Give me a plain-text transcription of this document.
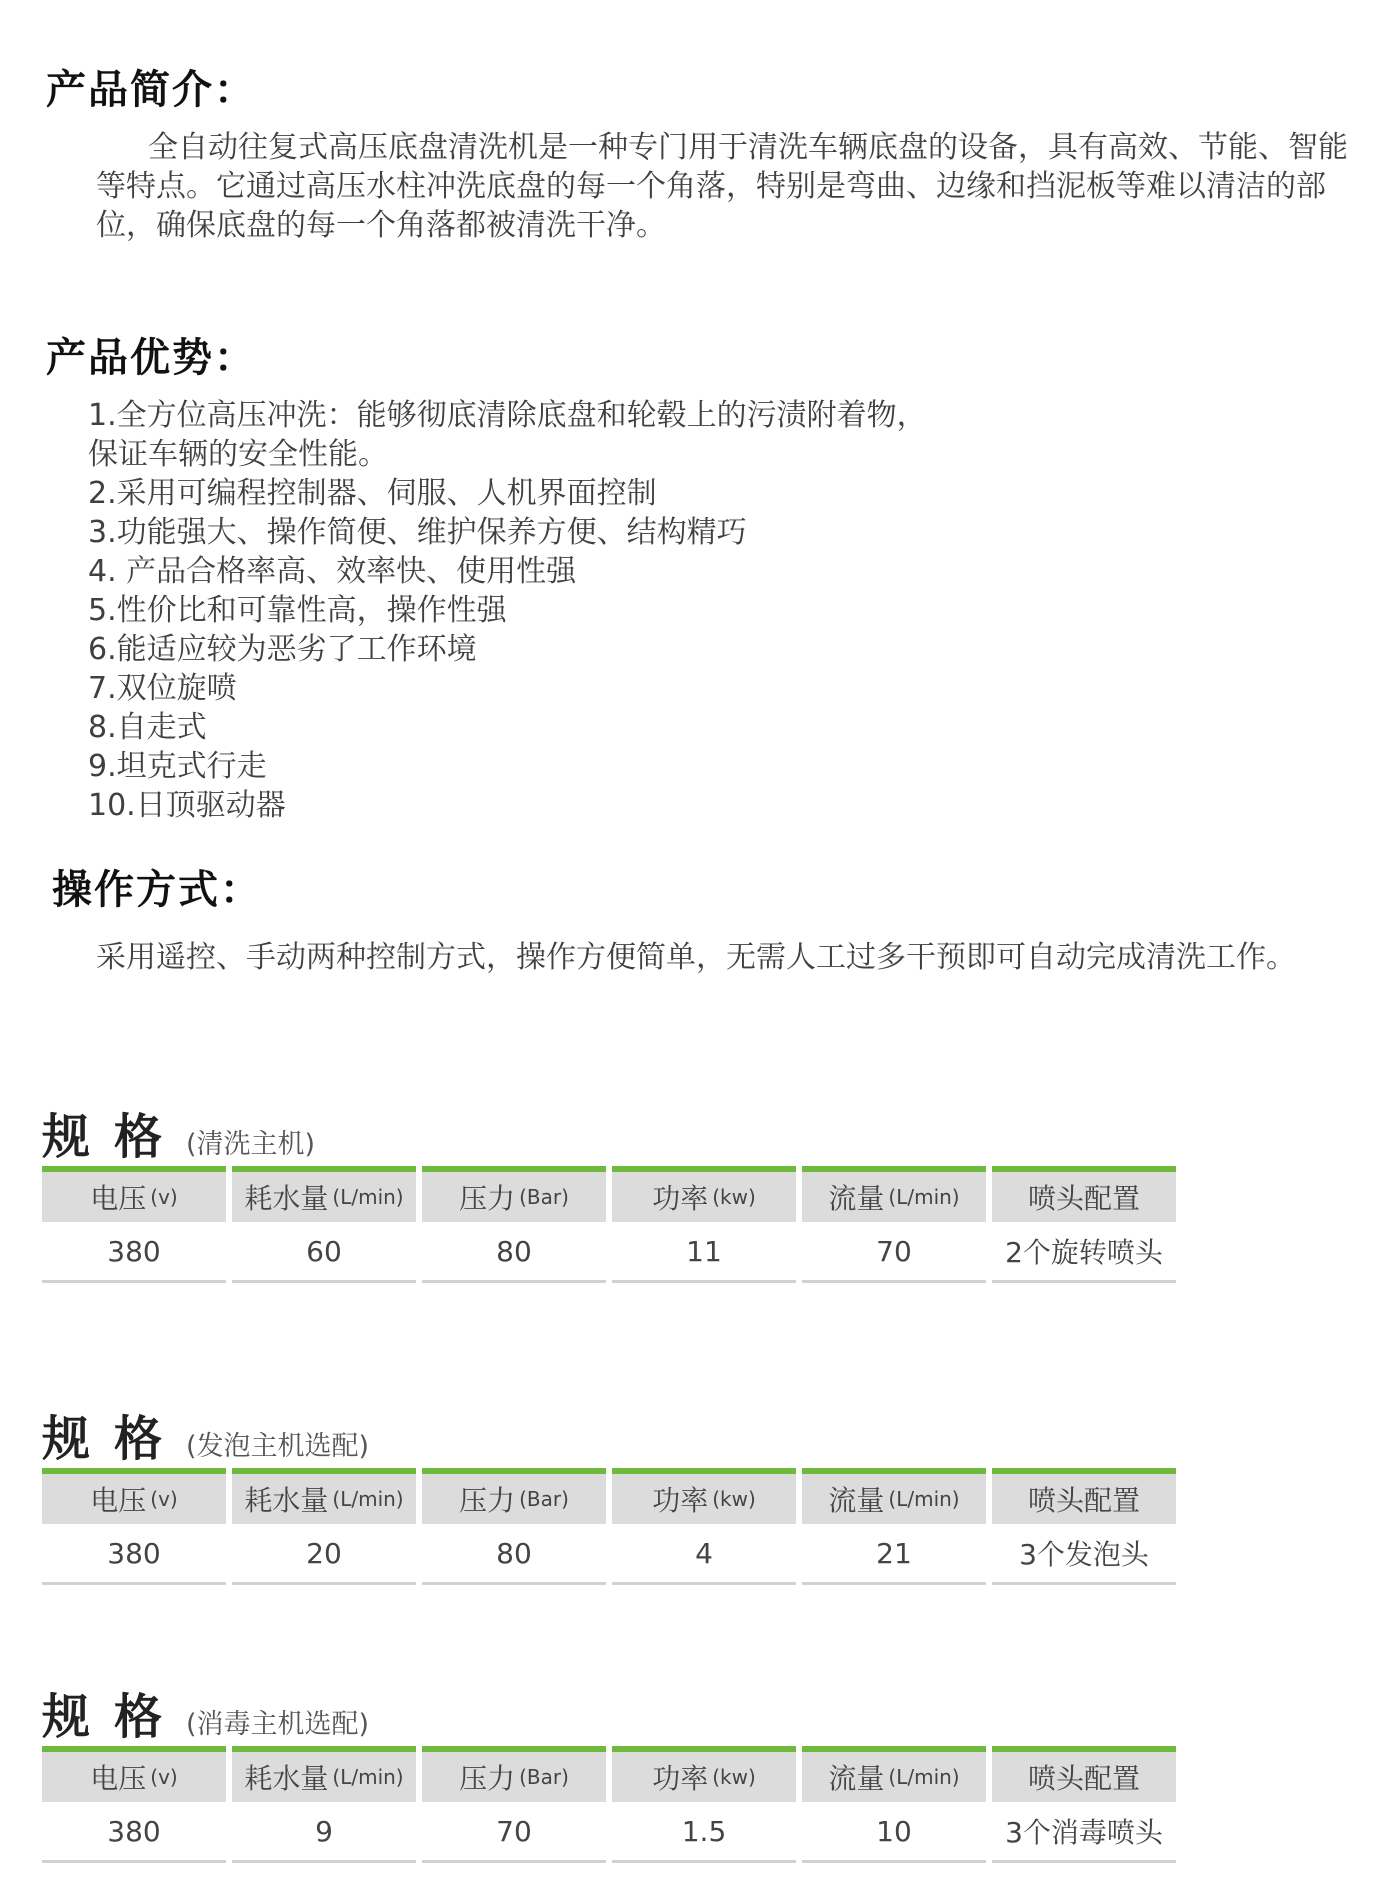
产品简介：

全自动往复式高压底盘清洗机是一种专门用于清洗车辆底盘的设备，具有高效、节能、智能等特点。它通过高压水柱冲洗底盘的每一个角落，特别是弯曲、边缘和挡泥板等难以清洁的部位，确保底盘的每一个角落都被清洗干净。

产品优势：
1.全方位高压冲洗：能够彻底清除底盘和轮毂上的污渍附着物，保证车辆的安全性能。
2.采用可编程控制器、伺服、人机界面控制
3.功能强大、操作简便、维护保养方便、结构精巧
4. 产品合格率高、效率快、使用性强
5.性价比和可靠性高，操作性强
6.能适应较为恶劣了工作环境
7.双位旋喷
8.自走式
9.坦克式行走
10.日顶驱动器
操作方式：

采用遥控、手动两种控制方式，操作方便简单，无需人工过多干预即可自动完成清洗工作。

规格 (清洗主机)
电压 (v) 耗水量 (L/min) 压力 (Bar)	功率 (kw)	流量 (L/min) 喷头配置
380	60	80	11	70	2个旋转喷头
规格 (发泡主机选配)
电压 (v) 耗水量 (L/min) 压力 (Bar)	功率 (kw)	流量 (L/min) 喷头配置
380	20	80	4	21	3个发泡头
规格 (消毒主机选配)
电压 (v) 耗水量 (L/min) 压力 (Bar)	功率 (kw)	流量 (L/min) 喷头配置
380	9	70	1.5	10	3个消毒喷头
